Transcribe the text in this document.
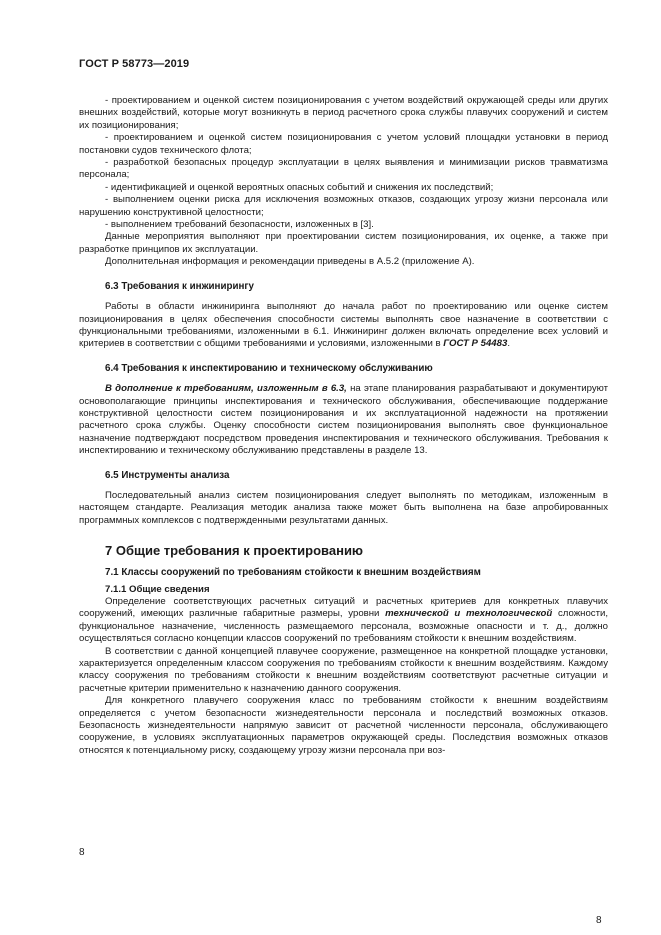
ГОСТ Р 58773—2019

- проектированием и оценкой систем позиционирования с учетом воздействий окружающей среды или других внешних воздействий, которые могут возникнуть в период расчетного срока службы плавучих сооружений и систем их позиционирования;

- проектированием и оценкой систем позиционирования с учетом условий площадки установки в период постановки судов технического флота;

- разработкой безопасных процедур эксплуатации в целях выявления и минимизации рисков травматизма персонала;

- идентификацией и оценкой вероятных опасных событий и снижения их последствий;

- выполнением оценки риска для исключения возможных отказов, создающих угрозу жизни персонала или нарушению конструктивной целостности;

- выполнением требований безопасности, изложенных в [3].

Данные мероприятия выполняют при проектировании систем позиционирования, их оценке, а также при разработке принципов их эксплуатации.

Дополнительная информация и рекомендации приведены в А.5.2 (приложение А).

6.3 Требования к инжинирингу

Работы в области инжиниринга выполняют до начала работ по проектированию или оценке систем позиционирования в целях обеспечения способности системы выполнять свое назначение в соответствии с функциональными требованиями, изложенными в 6.1. Инжиниринг должен включать определение всех условий и критериев в соответствии с общими требованиями и условиями, изложенными в ГОСТ Р 54483.

6.4 Требования к инспектированию и техническому обслуживанию

В дополнение к требованиям, изложенным в 6.3, на этапе планирования разрабатывают и документируют основополагающие принципы инспектирования и технического обслуживания, обеспечивающие поддержание конструктивной целостности систем позиционирования и их эксплуатационной надежности на протяжении расчетного срока службы. Оценку способности систем позиционирования выполнять свое функциональное назначение подтверждают посредством проведения инспектирования и технического обслуживания. Требования к инспектированию и техническому обслуживанию представлены в разделе 13.

6.5 Инструменты анализа

Последовательный анализ систем позиционирования следует выполнять по методикам, изложенным в настоящем стандарте. Реализация методик анализа также может быть выполнена на базе апробированных программных комплексов с подтвержденными результатами данных.

7 Общие требования к проектированию

7.1 Классы сооружений по требованиям стойкости к внешним воздействиям

7.1.1 Общие сведения

Определение соответствующих расчетных ситуаций и расчетных критериев для конкретных плавучих сооружений, имеющих различные габаритные размеры, уровни технической и технологической сложности, функциональное назначение, численность размещаемого персонала, возможные опасности и т. д., должно осуществляться согласно концепции классов сооружений по требованиям стойкости к внешним воздействиям.

В соответствии с данной концепцией плавучее сооружение, размещенное на конкретной площадке установки, характеризуется определенным классом сооружения по требованиям стойкости к внешним воздействиям. Каждому классу сооружения по требованиям стойкости к внешним воздействиям соответствуют расчетные ситуации и расчетные критерии применительно к назначению данного сооружения.

Для конкретного плавучего сооружения класс по требованиям стойкости к внешним воздействиям определяется с учетом безопасности жизнедеятельности персонала и последствий возможных отказов. Безопасность жизнедеятельности напрямую зависит от расчетной численности персонала, обслуживающего сооружение, в условиях эксплуатационных параметров окружающей среды. Последствия возможных отказов относятся к потенциальному риску, создающему угрозу жизни персонала при воз-

8
8
